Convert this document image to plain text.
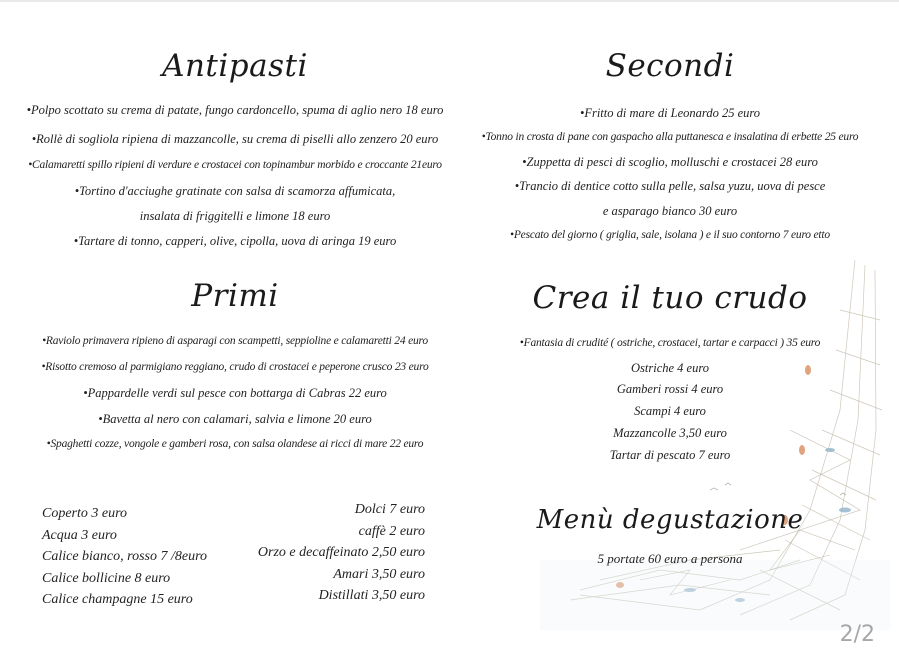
Antipasti
•Polpo scottato su crema di patate, fungo cardoncello, spuma di aglio nero 18 euro
•Rollè di sogliola ripiena di mazzancolle, su crema di piselli allo zenzero 20 euro
•Calamaretti spillo ripieni di verdure e crostacei con topinambur morbido e croccante 21euro
•Tortino d'acciughe gratinate con salsa di scamorza affumicata,
insalata di friggitelli e limone 18 euro
•Tartare di tonno, capperi, olive, cipolla, uova di aringa 19 euro
Primi
•Raviolo primavera ripieno di asparagi con scampetti, seppioline e calamaretti 24 euro
•Risotto cremoso al parmigiano reggiano, crudo di crostacei e peperone crusco 23 euro
•Pappardelle verdi sul pesce con bottarga di Cabras 22 euro
•Bavetta al nero con calamari, salvia e limone 20 euro
•Spaghetti cozze, vongole e gamberi rosa, con salsa olandese ai ricci di mare 22 euro
Coperto 3 euro
Acqua 3 euro
Calice bianco, rosso 7 /8euro
Calice bollicine 8 euro
Calice champagne 15 euro
Dolci 7 euro
caffè 2 euro
Orzo e decaffeinato 2,50 euro
Amari 3,50 euro
Distillati 3,50 euro
Secondi
•Fritto di mare di Leonardo 25 euro
•Tonno in crosta di pane con gaspacho alla puttanesca e insalatina di erbette 25 euro
•Zuppetta di pesci di scoglio, molluschi e crostacei 28 euro
•Trancio di dentice cotto sulla pelle, salsa yuzu, uova di pesce
e asparago bianco 30 euro
•Pescato del giorno ( griglia, sale, isolana ) e il suo contorno 7 euro etto
Crea il tuo crudo
•Fantasia di crudité ( ostriche, crostacei, tartar e carpacci ) 35 euro
Ostriche 4 euro
Gamberi rossi 4 euro
Scampi 4 euro
Mazzancolle 3,50 euro
Tartar di pescato 7 euro
Menù degustazione
5 portate 60 euro a persona
2/2
